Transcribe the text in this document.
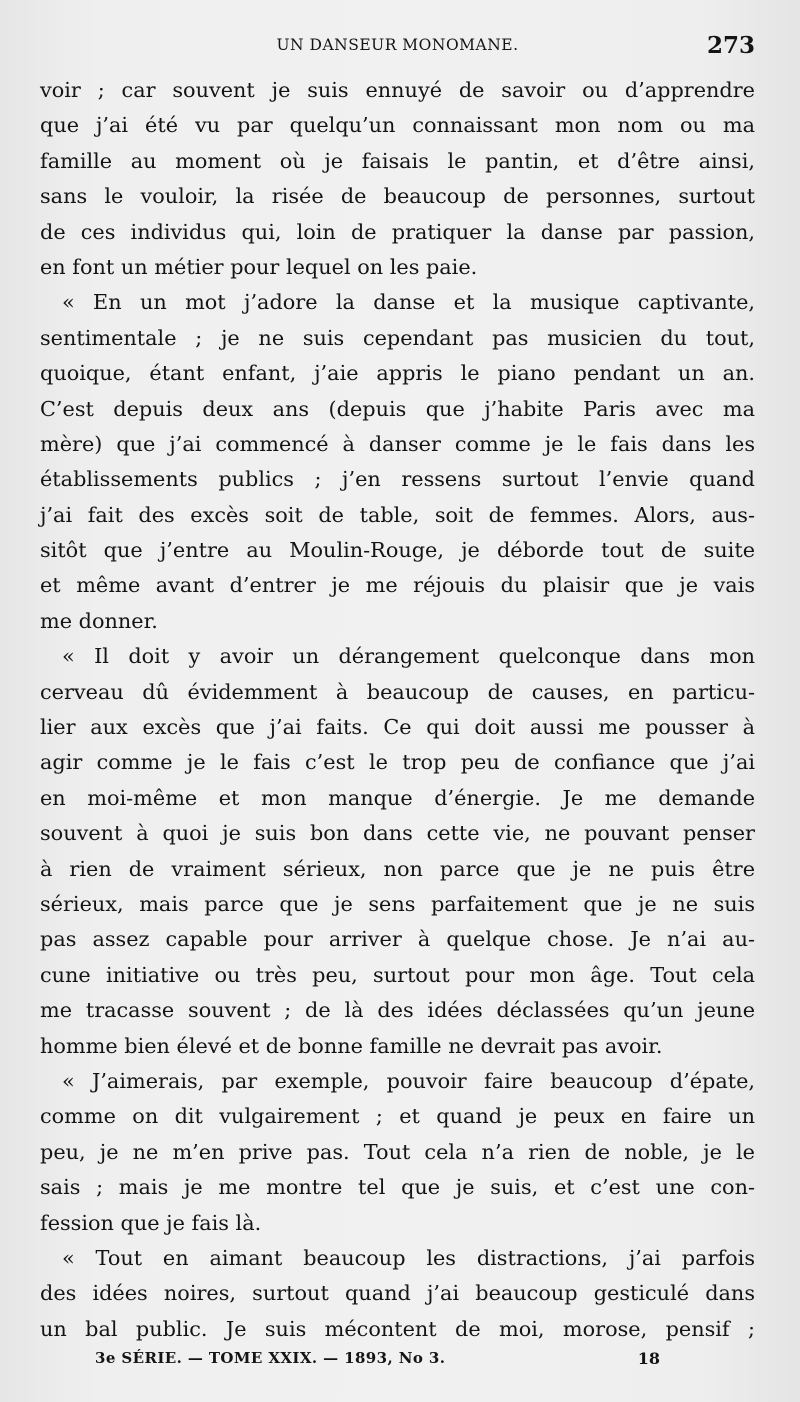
UN DANSEUR MONOMANE.	273
voir ; car souvent je suis ennuyé de savoir ou d’apprendre
que j’ai été vu par quelqu’un connaissant mon nom ou ma
famille au moment où je faisais le pantin, et d’être ainsi,
sans le vouloir, la risée de beaucoup de personnes, surtout
de ces individus qui, loin de pratiquer la danse par passion,
en font un métier pour lequel on les paie.
« En un mot j’adore la danse et la musique captivante,
sentimentale ; je ne suis cependant pas musicien du tout,
quoique, étant enfant, j’aie appris le piano pendant un an.
C’est depuis deux ans (depuis que j’habite Paris avec ma
mère) que j’ai commencé à danser comme je le fais dans les
établissements publics ; j’en ressens surtout l’envie quand
j’ai fait des excès soit de table, soit de femmes. Alors, aus-
sitôt que j’entre au Moulin-Rouge, je déborde tout de suite
et même avant d’entrer je me réjouis du plaisir que je vais
me donner.
« Il doit y avoir un dérangement quelconque dans mon
cerveau dû évidemment à beaucoup de causes, en particu-
lier aux excès que j’ai faits. Ce qui doit aussi me pousser à
agir comme je le fais c’est le trop peu de confiance que j’ai
en moi-même et mon manque d’énergie. Je me demande
souvent à quoi je suis bon dans cette vie, ne pouvant penser
à rien de vraiment sérieux, non parce que je ne puis être
sérieux, mais parce que je sens parfaitement que je ne suis
pas assez capable pour arriver à quelque chose. Je n’ai au-
cune initiative ou très peu, surtout pour mon âge. Tout cela
me tracasse souvent ; de là des idées déclassées qu’un jeune
homme bien élevé et de bonne famille ne devrait pas avoir.
« J’aimerais, par exemple, pouvoir faire beaucoup d’épate,
comme on dit vulgairement ; et quand je peux en faire un
peu, je ne m’en prive pas. Tout cela n’a rien de noble, je le
sais ; mais je me montre tel que je suis, et c’est une con-
fession que je fais là.
« Tout en aimant beaucoup les distractions, j’ai parfois
des idées noires, surtout quand j’ai beaucoup gesticulé dans
un bal public. Je suis mécontent de moi, morose, pensif ;
3e SÉRIE. — TOME XXIX. — 1893, No 3.	18
